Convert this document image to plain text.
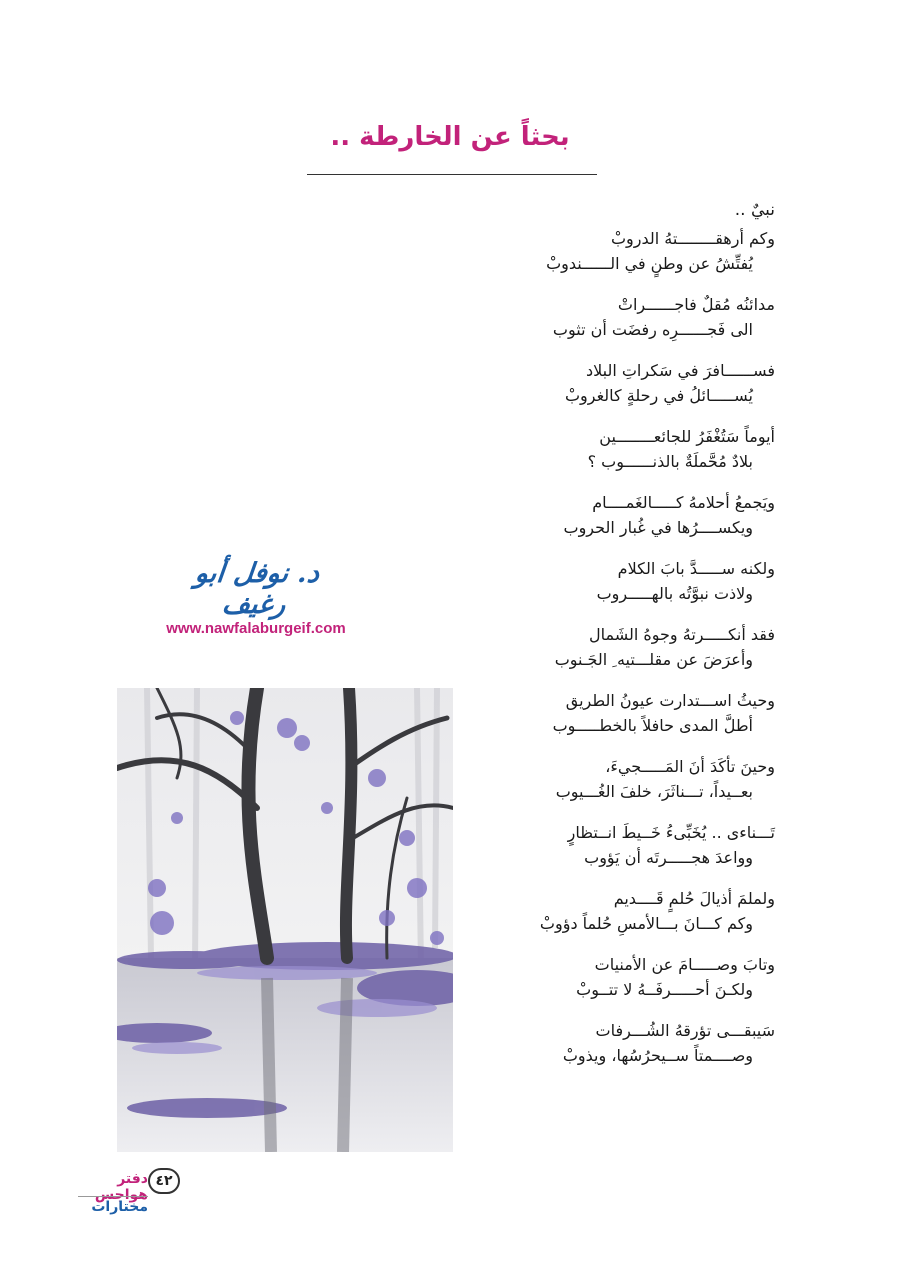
بحثاً عن الخارطة ..
نبيٌ ..
وكم أرهقــــــــتهُ الدروبْ
يُفتِّشُ عن وطنٍ في الــــــندوبْ
مدائنُه مُقلٌ فاجــــــراتْ
الى فَجــــــرِه رفضَت أن تثوب
فســــــافرَ في سَكراتِ البلاد
يُســـــائلُ في رحلةٍ كالغروبْ
أيوماً سَتُغْفَرُ للجائعــــــــين
بلادٌ مُحَّملَةٌ بالذنــــــوب ؟
ويَجمعُ أحلامهُ كـــــالغَمــــام
ويكســــرُها في غُبار الحروب
ولكنه ســـــدَّ بابَ الكلام
ولاذت نبوَّتُه بالهـــــروب
فقد أنكـــــرتهُ وجوهُ الشَمال
وأعرَضَ عن مقلـــتيه ِ الجَـنوب
وحيثُ اســـتدارت عيونُ الطريق
أطلَّ المدى حافلاً بالخطـــــوب
وحينَ تأكَدَ أنَ المَـــــجيءَ،
بعــيداً، تـــناثَرَ، خلفَ الغُـــيوب
تَـــناءى .. يُخَبِّىءُ خَــيطَ انــتظارٍ
وواعدَ هجـــــرتَه أن يَؤوب
ولملمَ أذيالَ حُلمٍ قَــــديم
وكم كـــانَ بـــالأمسِ حُلماً دؤوبْ
وتابَ وصـــــامَ عن الأمنيات
ولكـنَ أحـــــرفَــهُ لا تتــوبْ
سَيبقـــى تؤرقهُ الشُـــرفات
وصــــمتاً ســيحرُسُها، ويذوبْ
د. نوفل أبو رغيف
www.nawfalaburgeif.com
٤٢
دفتر هواجس
مختارات
